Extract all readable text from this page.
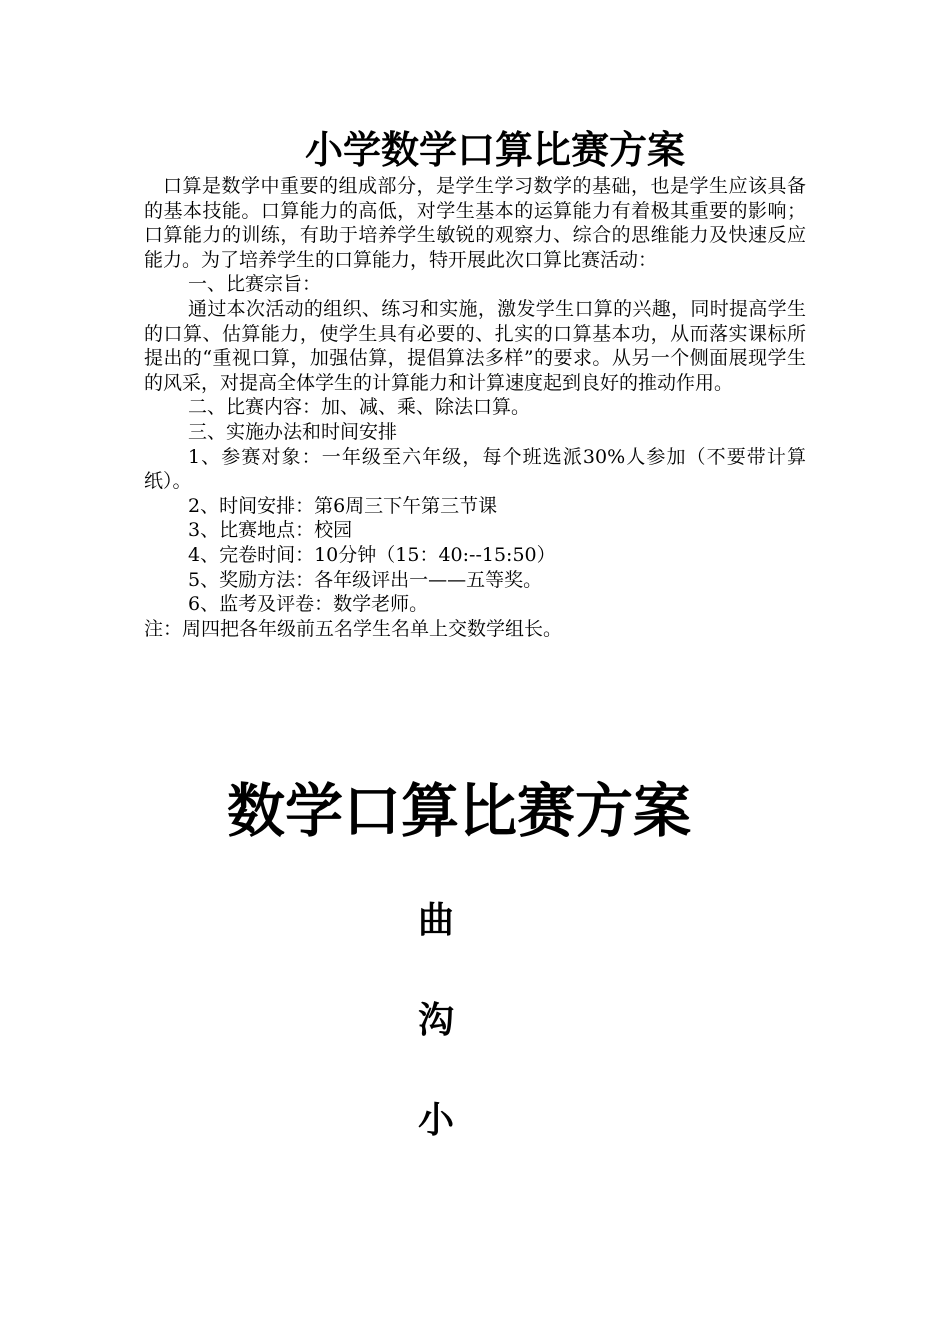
小学数学口算比赛方案

口算是数学中重要的组成部分，是学生学习数学的基础，也是学生应该具备的基本技能。口算能力的高低，对学生基本的运算能力有着极其重要的影响；口算能力的训练，有助于培养学生敏锐的观察力、综合的思维能力及快速反应能力。为了培养学生的口算能力，特开展此次口算比赛活动：

一、比赛宗旨：

通过本次活动的组织、练习和实施，激发学生口算的兴趣，同时提高学生的口算、估算能力，使学生具有必要的、扎实的口算基本功，从而落实课标所提出的“重视口算，加强估算，提倡算法多样”的要求。从另一个侧面展现学生的风采，对提高全体学生的计算能力和计算速度起到良好的推动作用。

二、比赛内容：加、减、乘、除法口算。

三、实施办法和时间安排

1、参赛对象：一年级至六年级，每个班选派30%人参加（不要带计算纸）。

2、时间安排：第6周三下午第三节课

3、比赛地点：校园

4、完卷时间：10分钟（15：40:--15:50）

5、奖励方法：各年级评出一——五等奖。

6、监考及评卷：数学老师。

注：周四把各年级前五名学生名单上交数学组长。

数学口算比赛方案
曲
沟
小
